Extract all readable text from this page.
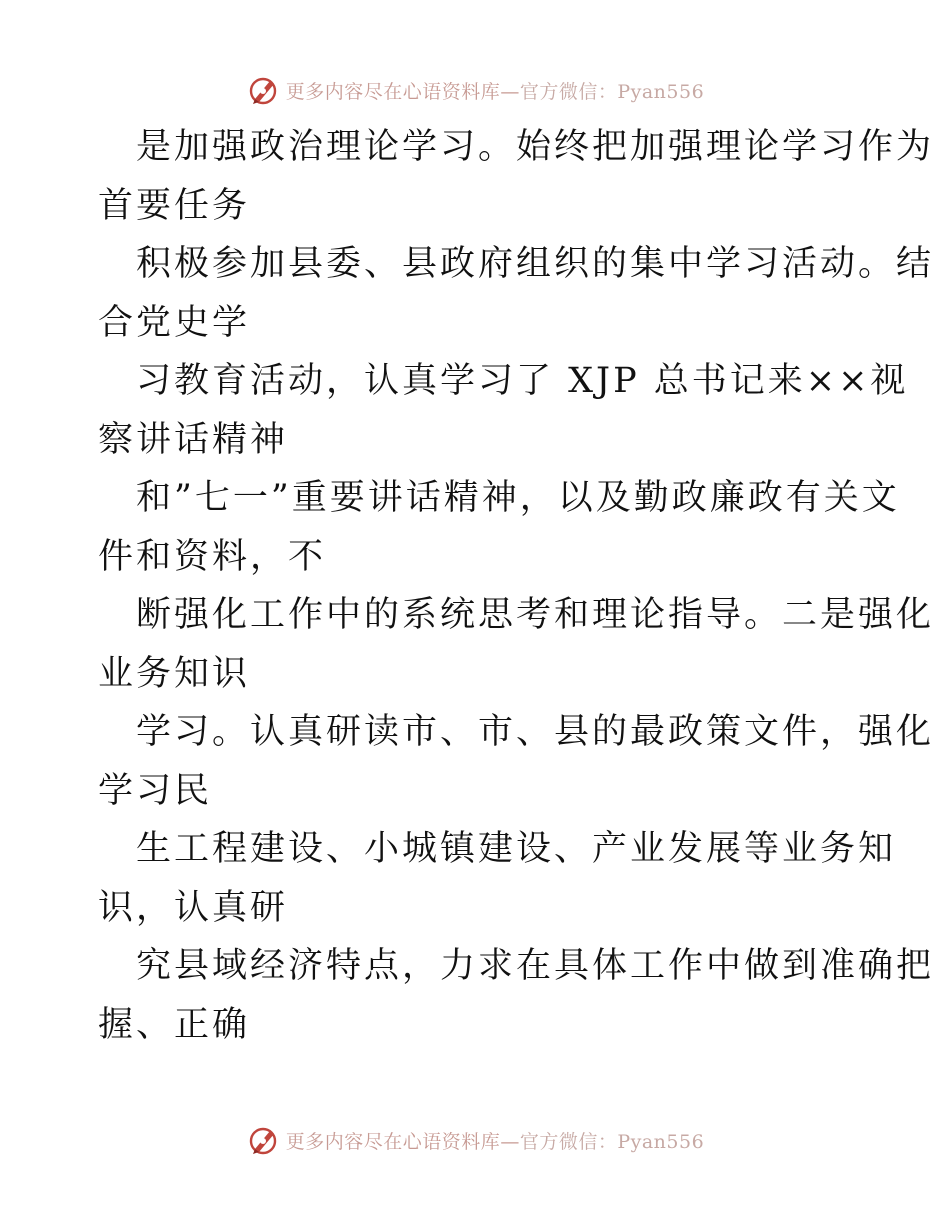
更多内容尽在心语资料库—官方微信：Pyan556

是加强政治理论学习。始终把加强理论学习作为
首要任务

积极参加县委、县政府组织的集中学习活动。结
合党史学

习教育活动，认真学习了 XJP 总书记来××视
察讲话精神

和”七一”重要讲话精神，以及勤政廉政有关文
件和资料，不

断强化工作中的系统思考和理论指导。二是强化
业务知识

学习。认真研读市、市、县的最政策文件，强化
学习民

生工程建设、小城镇建设、产业发展等业务知
识，认真研

究县域经济特点，力求在具体工作中做到准确把
握、正确

更多内容尽在心语资料库—官方微信：Pyan556
